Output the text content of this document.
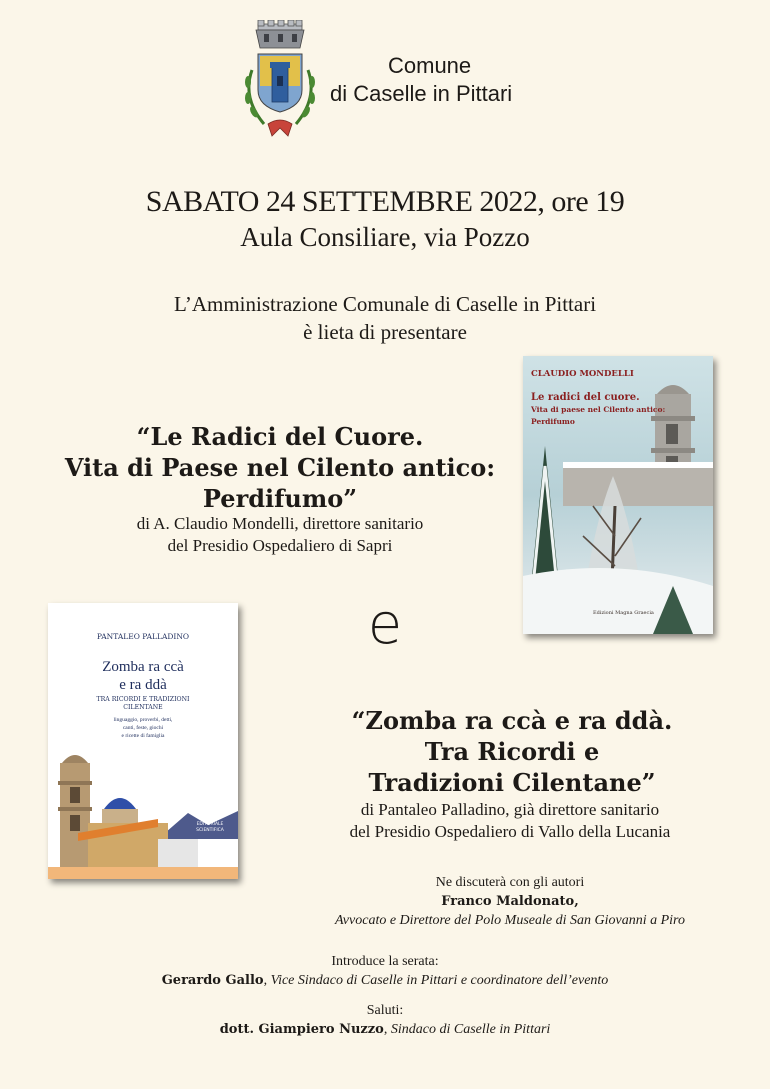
Comune
di Caselle in Pittari
SABATO 24 SETTEMBRE 2022, ore 19
Aula Consiliare, via Pozzo
L’Amministrazione Comunale di Caselle in Pittari
è lieta di presentare
CLAUDIO MONDELLI
Le radici del cuore.
Vita di paese nel Cilento antico:
Perdifumo
Edizioni Magna Graecia
“Le Radici del Cuore.
Vita di Paese nel Cilento antico:
Perdifumo”
di A. Claudio Mondelli, direttore sanitario
del Presidio Ospedaliero di Sapri
e
PANTALEO PALLADINO
Zomba ra ccà
e ra ddà
TRA RICORDI E TRADIZIONI
CILENTANE
linguaggio, proverbi, detti,
canti, feste, giochi
e ricette di famiglia
EDITORIALE
SCIENTIFICA
“Zomba ra ccà e ra ddà.
Tra Ricordi e
Tradizioni Cilentane”
di Pantaleo Palladino, già direttore sanitario
del Presidio Ospedaliero di Vallo della Lucania
Ne discuterà con gli autori
Franco Maldonato,
Avvocato e Direttore del Polo Museale di San Giovanni a Piro
Introduce la serata:
Gerardo Gallo, Vice Sindaco di Caselle in Pittari e coordinatore dell’evento
Saluti:
dott. Giampiero Nuzzo, Sindaco di Caselle in Pittari
